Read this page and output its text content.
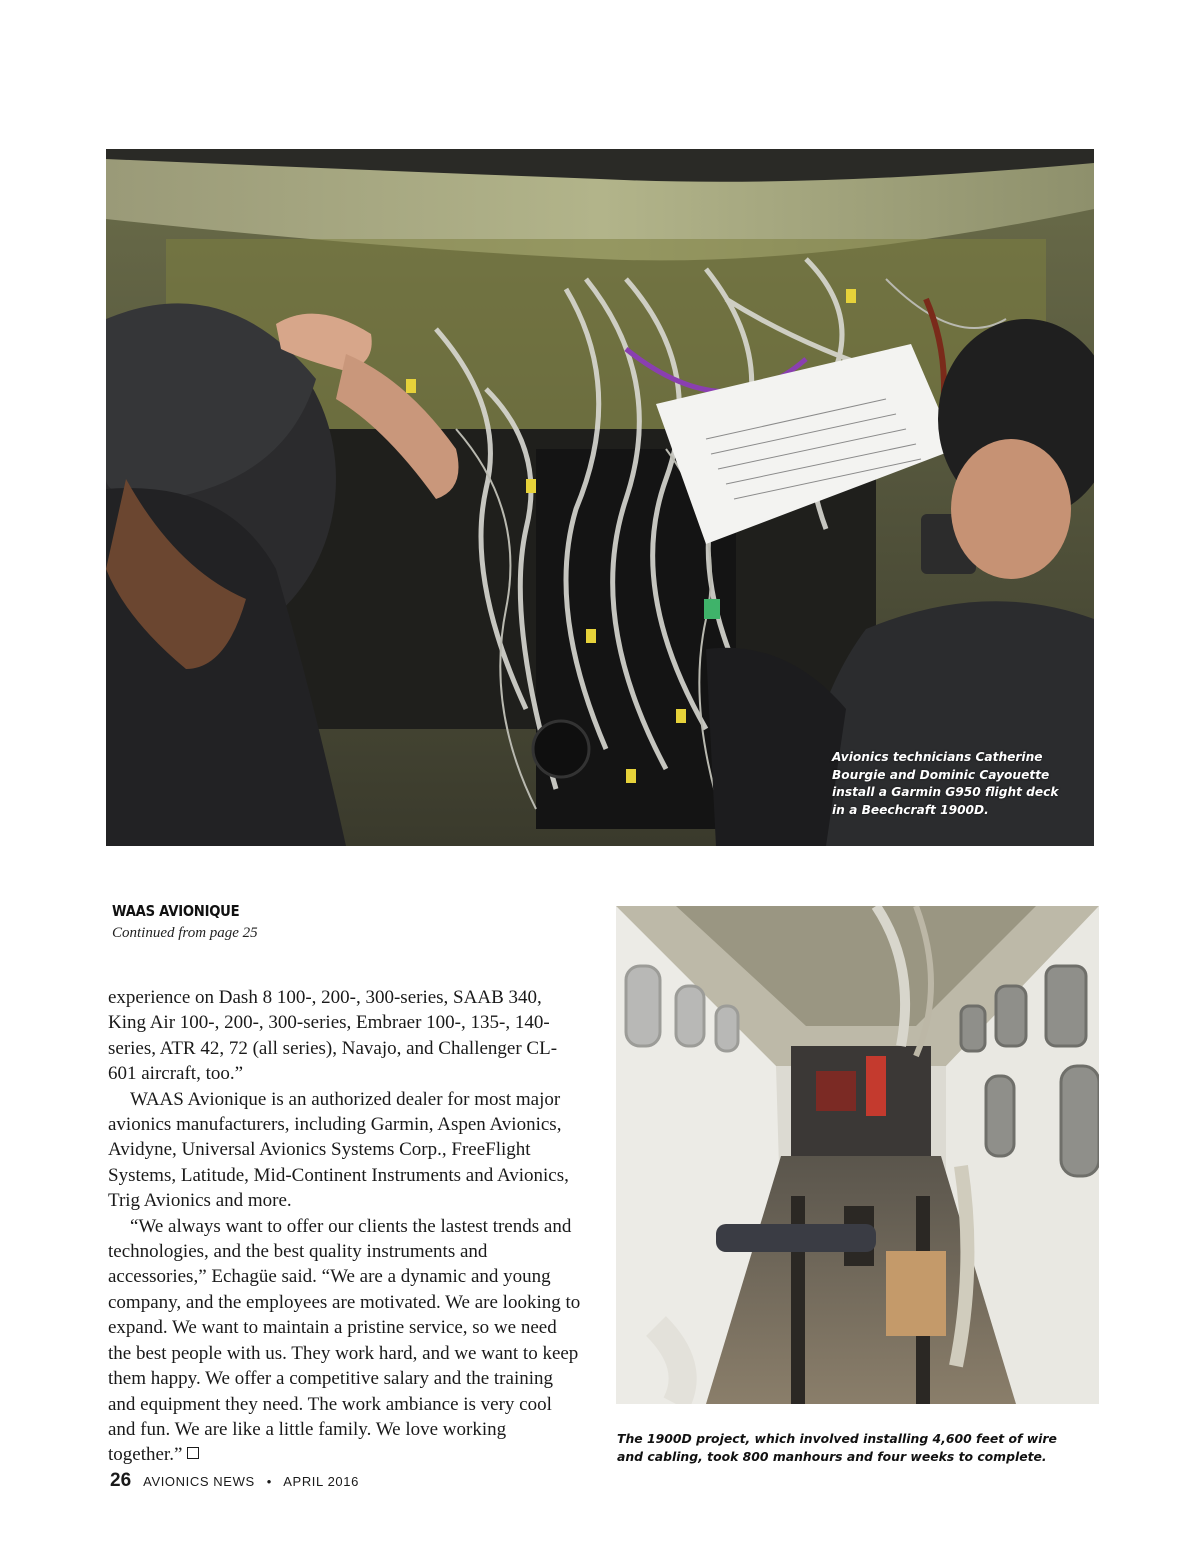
Avionics technicians Catherine Bourgie and Dominic Cayouette install a Garmin G950 flight deck in a Beechcraft 1900D.
WAAS AVIONIQUE
Continued from page 25

experience on Dash 8 100-, 200-, 300-series, SAAB 340, King Air 100-, 200-, 300-series, Embraer 100-, 135-, 140-series, ATR 42, 72 (all series), Navajo, and Challenger CL-601 aircraft, too.”

WAAS Avionique is an authorized dealer for most major avionics manufacturers, including Garmin, Aspen Avionics, Avidyne, Universal Avionics Systems Corp., FreeFlight Systems, Latitude, Mid-Continent Instruments and Avionics, Trig Avionics and more.

“We always want to offer our clients the lastest trends and technologies, and the best quality instruments and accessories,” Echagüe said. “We are a dynamic and young company, and the employees are motivated. We are looking to expand. We want to maintain a pristine service, so we need the best people with us. They work hard, and we want to keep them happy. We offer a competitive salary and the training and equipment they need. The work ambiance is very cool and fun. We are like a little family. We love working together.”

The 1900D project, which involved installing 4,600 feet of wire and cabling, took 800 manhours and four weeks to complete.
26 AVIONICS NEWS • APRIL 2016
